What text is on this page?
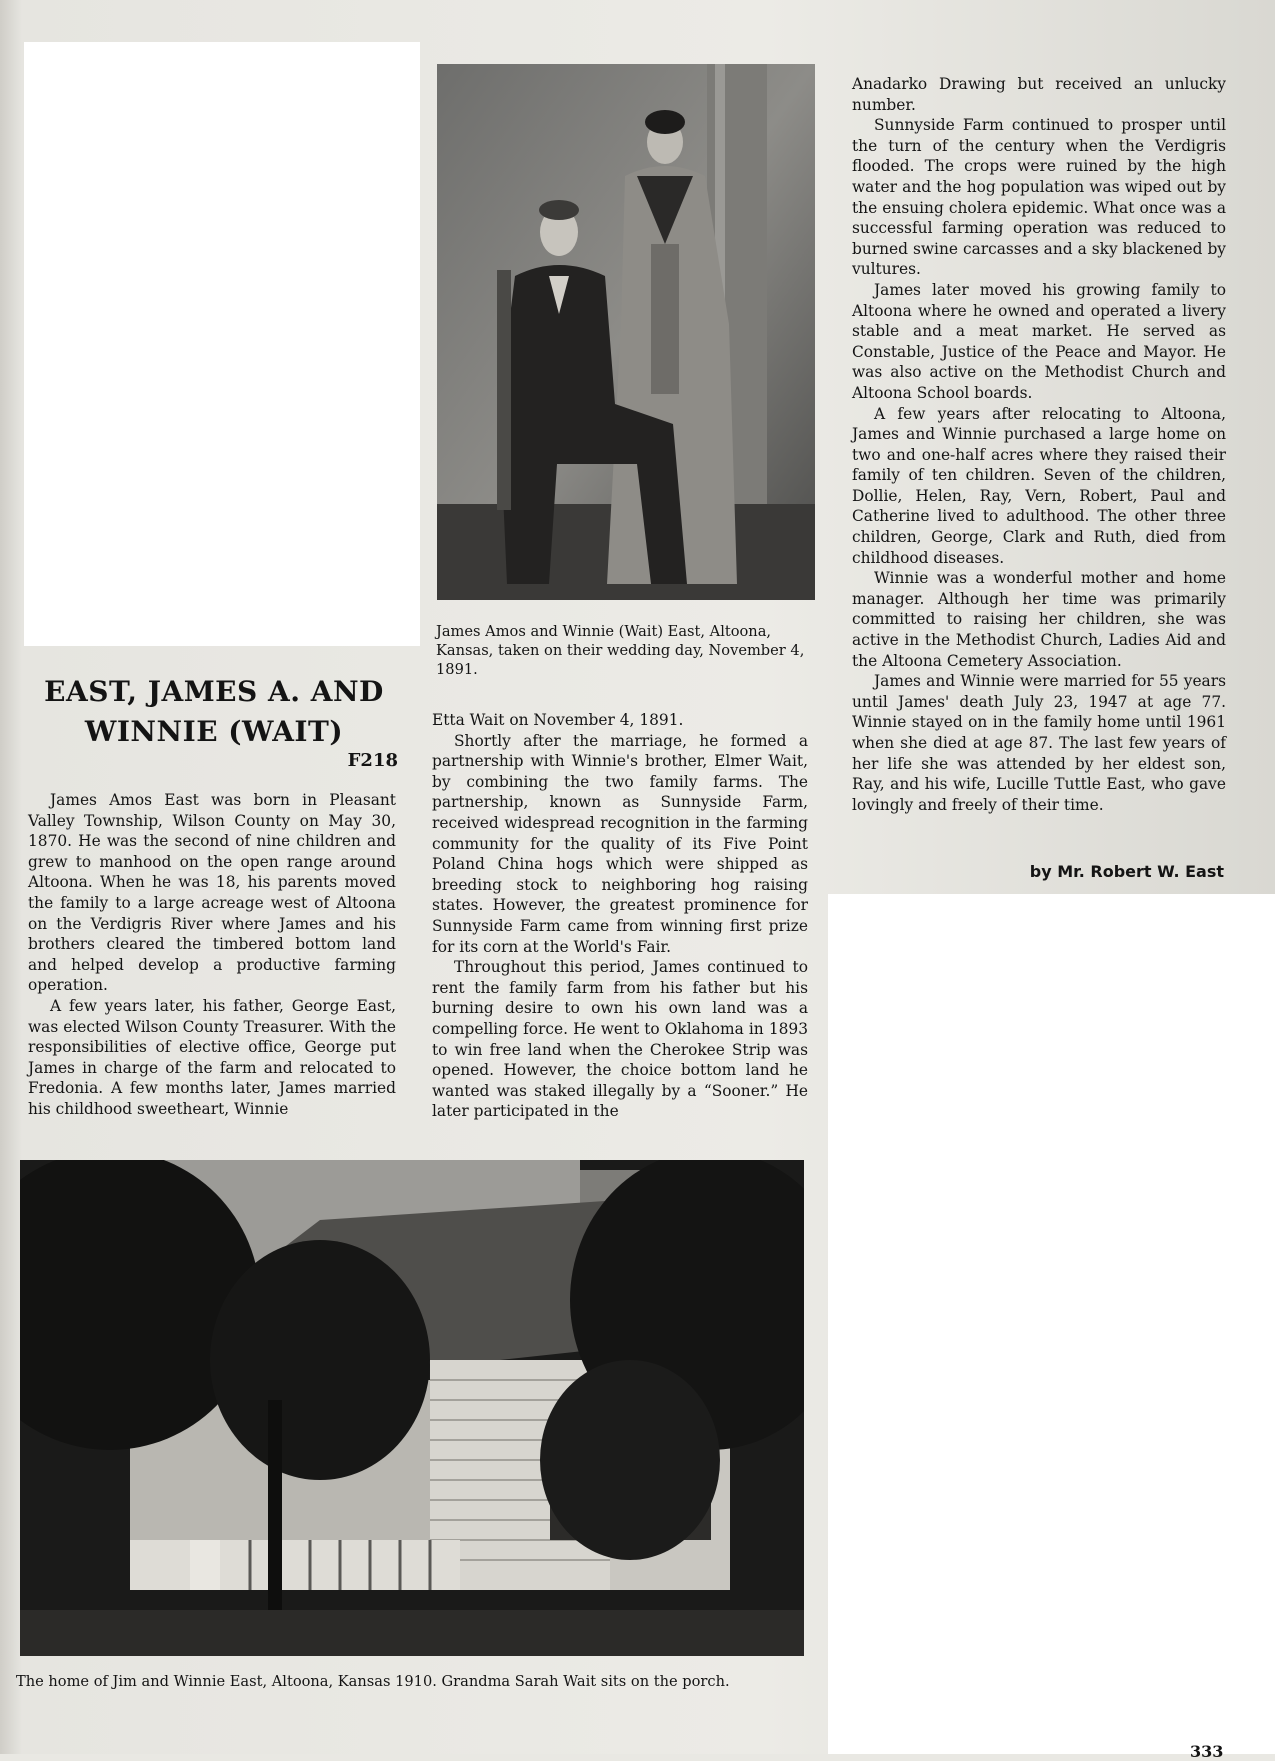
James Amos and Winnie (Wait) East, Altoona, Kansas, taken on their wedding day, November 4, 1891.
EAST, JAMES A. AND WINNIE (WAIT)
F218

James Amos East was born in Pleasant Valley Township, Wilson County on May 30, 1870. He was the second of nine children and grew to manhood on the open range around Altoona. When he was 18, his parents moved the family to a large acreage west of Altoona on the Verdigris River where James and his brothers cleared the timbered bottom land and helped develop a productive farming operation.

A few years later, his father, George East, was elected Wilson County Treasurer. With the responsibilities of elective office, George put James in charge of the farm and relocated to Fredonia. A few months later, James married his childhood sweetheart, Winnie

Etta Wait on November 4, 1891.

Shortly after the marriage, he formed a partnership with Winnie's brother, Elmer Wait, by combining the two family farms. The partnership, known as Sunnyside Farm, received widespread recognition in the farming community for the quality of its Five Point Poland China hogs which were shipped as breeding stock to neighboring hog raising states. However, the greatest prominence for Sunnyside Farm came from winning first prize for its corn at the World's Fair.

Throughout this period, James continued to rent the family farm from his father but his burning desire to own his own land was a compelling force. He went to Oklahoma in 1893 to win free land when the Cherokee Strip was opened. However, the choice bottom land he wanted was staked illegally by a “Sooner.” He later participated in the

Anadarko Drawing but received an unlucky number.

Sunnyside Farm continued to prosper until the turn of the century when the Verdigris flooded. The crops were ruined by the high water and the hog population was wiped out by the ensuing cholera epidemic. What once was a successful farming operation was reduced to burned swine carcasses and a sky blackened by vultures.

James later moved his growing family to Altoona where he owned and operated a livery stable and a meat market. He served as Constable, Justice of the Peace and Mayor. He was also active on the Methodist Church and Altoona School boards.

A few years after relocating to Altoona, James and Winnie purchased a large home on two and one-half acres where they raised their family of ten children. Seven of the children, Dollie, Helen, Ray, Vern, Robert, Paul and Catherine lived to adulthood. The other three children, George, Clark and Ruth, died from childhood diseases.

Winnie was a wonderful mother and home manager. Although her time was primarily committed to raising her children, she was active in the Methodist Church, Ladies Aid and the Altoona Cemetery Association.

James and Winnie were married for 55 years until James' death July 23, 1947 at age 77. Winnie stayed on in the family home until 1961 when she died at age 87. The last few years of her life she was attended by her eldest son, Ray, and his wife, Lucille Tuttle East, who gave lovingly and freely of their time.

by Mr. Robert W. East
The home of Jim and Winnie East, Altoona, Kansas 1910. Grandma Sarah Wait sits on the porch.
333
